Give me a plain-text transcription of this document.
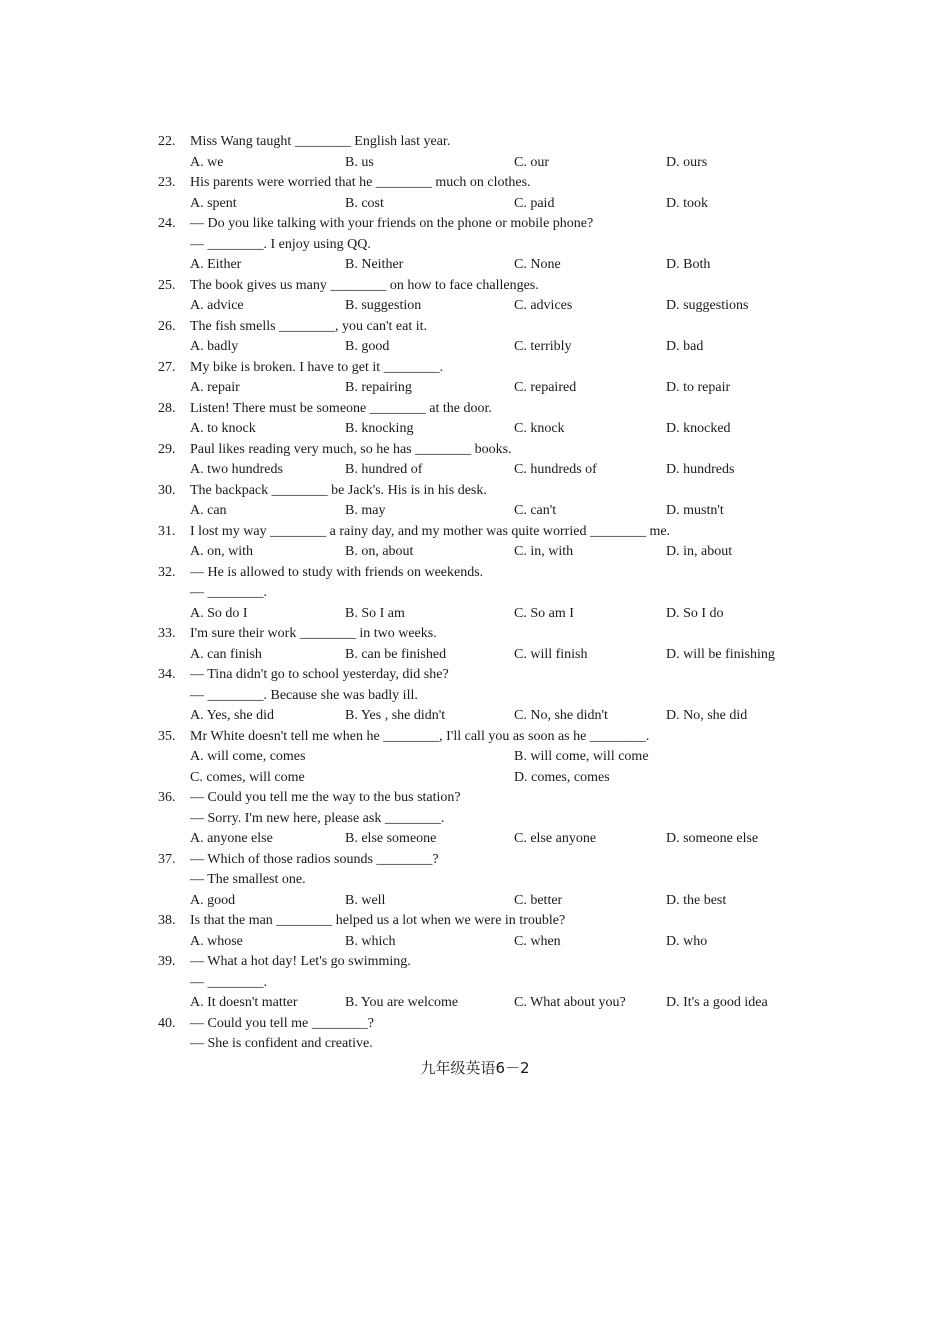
22.	Miss Wang taught ________ English last year.
A. we	B. us	C. our	D. ours
23.	His parents were worried that he ________ much on clothes.
A. spent	B. cost	C. paid	D. took
24.	— Do you like talking with your friends on the phone or mobile phone?
— ________. I enjoy using QQ.
A. Either	B. Neither	C. None	D. Both
25.	The book gives us many ________ on how to face challenges.
A. advice	B. suggestion	C. advices	D. suggestions
26.	The fish smells ________, you can't eat it.
A. badly	B. good	C. terribly	D. bad
27.	My bike is broken. I have to get it ________.
A. repair	B. repairing	C. repaired	D. to repair
28.	Listen! There must be someone ________ at the door.
A. to knock	B. knocking	C. knock	D. knocked
29.	Paul likes reading very much, so he has ________ books.
A. two hundreds	B. hundred of	C. hundreds of	D. hundreds
30.	The backpack ________ be Jack's. His is in his desk.
A. can	B. may	C. can't	D. mustn't
31.	I lost my way ________ a rainy day, and my mother was quite worried ________ me.
A. on, with	B. on, about	C. in, with	D. in, about
32.	— He is allowed to study with friends on weekends.
— ________.
A. So do I	B. So I am	C. So am I	D. So I do
33.	I'm sure their work ________ in two weeks.
A. can finish	B. can be finished	C. will finish	D. will be finishing
34.	— Tina didn't go to school yesterday, did she?
— ________. Because she was badly ill.
A. Yes, she did	B. Yes , she didn't	C. No, she didn't	D. No, she did
35.	Mr White doesn't tell me when he ________, I'll call you as soon as he ________.
A. will come, comes	B. will come, will come
C. comes, will come	D. comes, comes
36.	— Could you tell me the way to the bus station?
— Sorry. I'm new here, please ask ________.
A. anyone else	B. else someone	C. else anyone	D. someone else
37.	— Which of those radios sounds ________?
— The smallest one.
A. good	B. well	C. better	D. the best
38.	Is that the man ________ helped us a lot when we were in trouble?
A. whose	B. which	C. when	D. who
39.	— What a hot day! Let's go swimming.
— ________.
A. It doesn't matter	B. You are welcome	C. What about you?	D. It's a good idea
40.	— Could you tell me ________?
— She is confident and creative.
九年级英语6－2
